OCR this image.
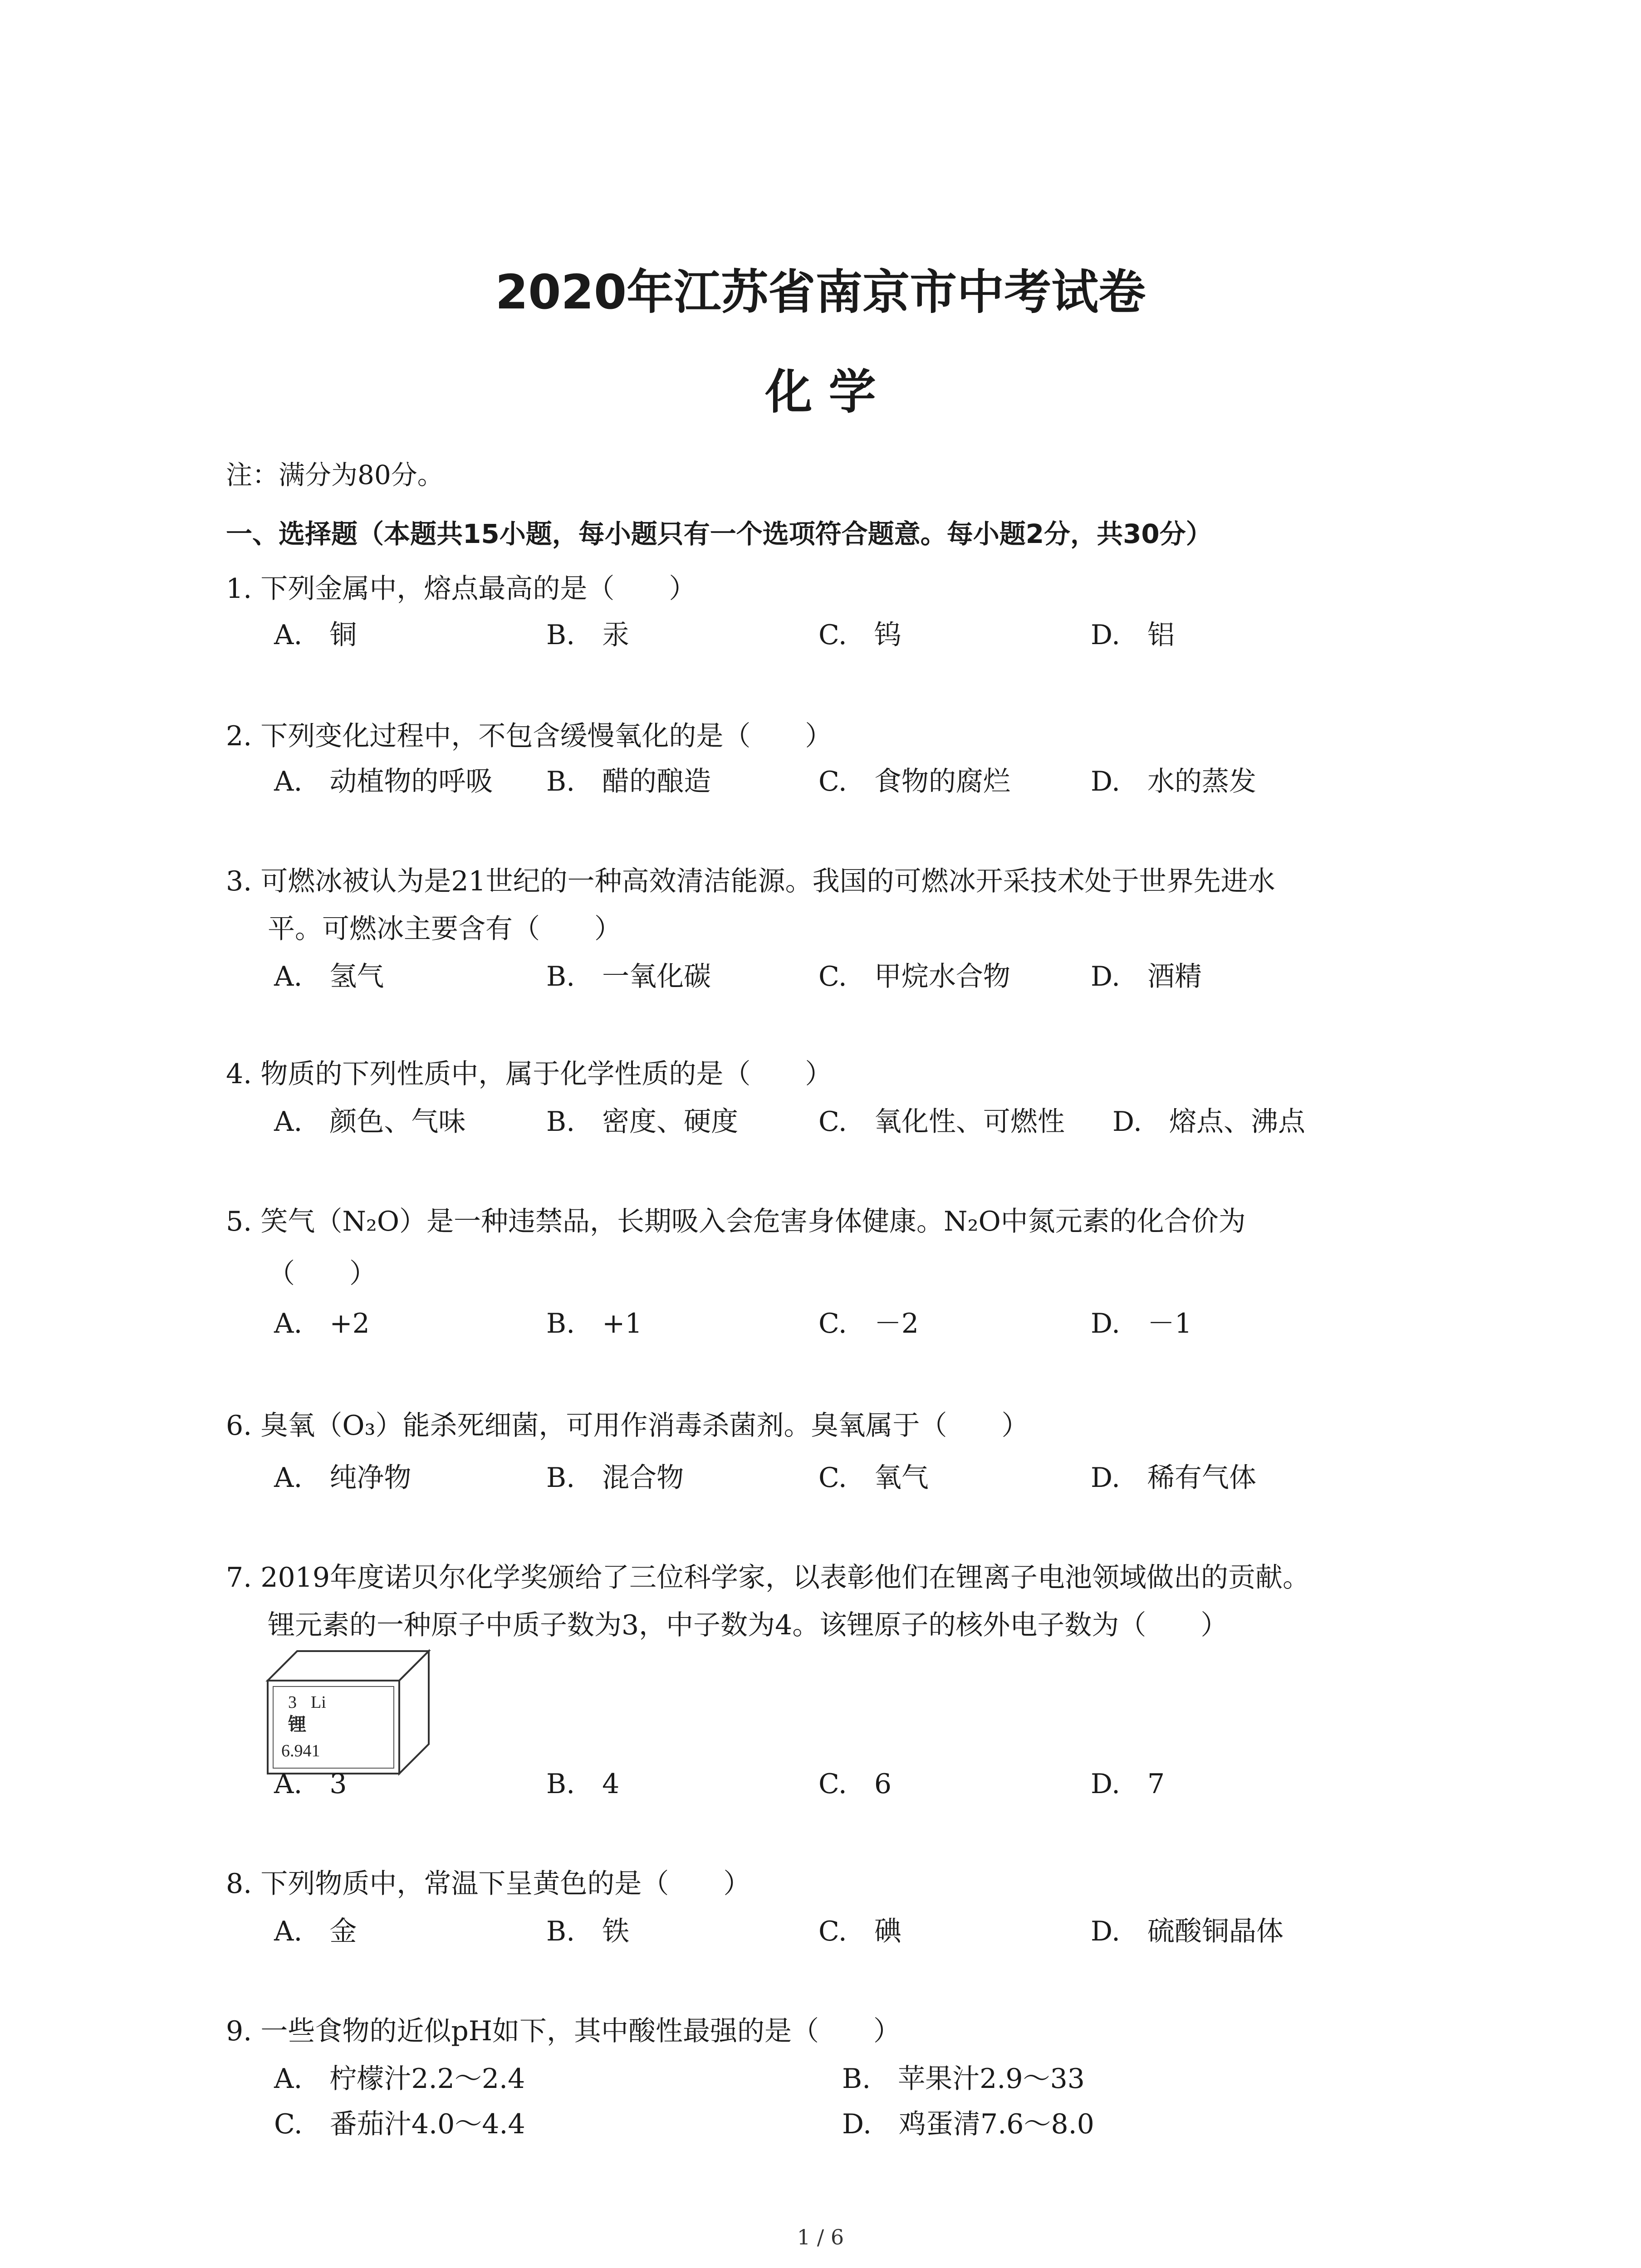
2020年江苏省南京市中考试卷
化 学
注：满分为80分。
一、选择题（本题共15小题，每小题只有一个选项符合题意。每小题2分，共30分）
1. 下列金属中，熔点最高的是（　　）
A.　铜	B.　汞	C.　钨	D.　铝
2. 下列变化过程中，不包含缓慢氧化的是（　　）
A.　动植物的呼吸 B.　醋的酿造	C.　食物的腐烂	D.　水的蒸发
3. 可燃冰被认为是21世纪的一种高效清洁能源。我国的可燃冰开采技术处于世界先进水
平。可燃冰主要含有（　　）
A.　氢气	B.　一氧化碳	C.　甲烷水合物	D.　酒精
4. 物质的下列性质中，属于化学性质的是（　　）
A.　颜色、气味	B.　密度、硬度	C.　氧化性、可燃性 D.　熔点、沸点
5. 笑气（N₂O）是一种违禁品，长期吸入会危害身体健康。N₂O中氮元素的化合价为
（　　）
A.　+2	B.　+1	C.　－2	D.　－1
6. 臭氧（O₃）能杀死细菌，可用作消毒杀菌剂。臭氧属于（　　）
A.　纯净物	B.　混合物	C.　氧气	D.　稀有气体
7. 2019年度诺贝尔化学奖颁给了三位科学家，以表彰他们在锂离子电池领域做出的贡献。
锂元素的一种原子中质子数为3，中子数为4。该锂原子的核外电子数为（　　）
3 Li
锂
6.941
A.　3	B.　4	C.　6	D.　7
8. 下列物质中，常温下呈黄色的是（　　）
A.　金	B.　铁	C.　碘	D.　硫酸铜晶体
9. 一些食物的近似pH如下，其中酸性最强的是（　　）
A.　柠檬汁2.2～2.4	B.　苹果汁2.9～33
C.　番茄汁4.0～4.4	D.　鸡蛋清7.6～8.0
1 / 6
